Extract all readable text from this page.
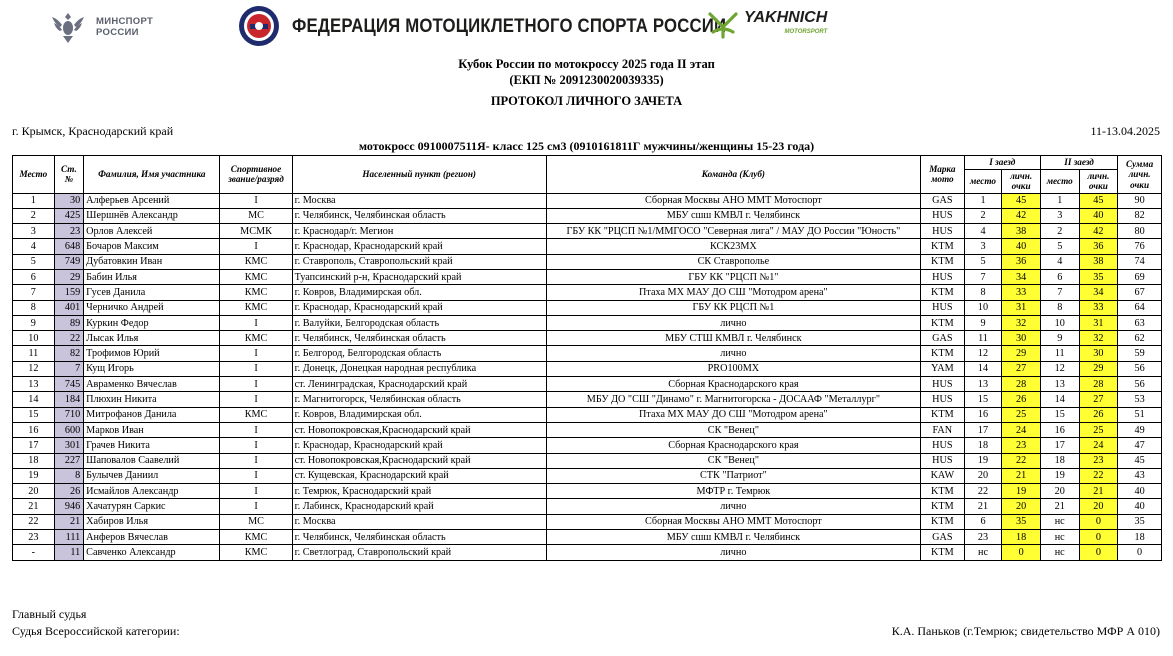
МИНСПОРТ
РОССИИ	ФЕДЕРАЦИЯ МОТОЦИКЛЕТНОГО СПОРТА РОССИИ YAKHNICH
MOTORSPORT
Кубок России по мотокроссу 2025 года II этап
(ЕКП № 2091230020039335)
ПРОТОКОЛ ЛИЧНОГО ЗАЧЕТА
г. Крымск, Краснодарский край	11-13.04.2025
мотокросс 0910007511Я- класс 125 см3 (0910161811Г мужчины/женщины 15-23 года)
Место	Ст. №	Фамилия, Имя участника	Спортивное звание/разряд	Населенный пункт (регион)	Команда (Клуб)	Марка мото	I заезд		II заезд		Сумма личн. очки
							место	личн. очки	место	личн. очки	
1	30	Алферьев Арсений	I	г. Москва	Сборная Москвы АНО ММТ Мотоспорт	GAS	1	45	1	45	90
2	425	Шершнёв Александр	МС	г. Челябинск, Челябинская область	МБУ сшш КМВЛ г. Челябинск	HUS	2	42	3	40	82
3	23	Орлов Алексей	МСМК	г. Краснодар/г. Мегион	ГБУ КК "РЦСП №1/ММГОСО "Северная лига" / МАУ ДО России "Юность"	HUS	4	38	2	42	80
4	648	Бочаров Максим	I	г. Краснодар, Краснодарский край	КСК23МХ	KTM	3	40	5	36	76
5	749	Дубатовкин Иван	КМС	г. Ставрополь, Ставропольский край	СК Ставрополье	KTM	5	36	4	38	74
6	29	Бабин Илья	КМС	Туапсинский р-н, Краснодарский край	ГБУ КК "РЦСП №1"	HUS	7	34	6	35	69
7	159	Гусев Данила	КМС	г. Ковров, Владимирская обл.	Птаха МХ МАУ ДО СШ "Мотодром арена"	KTM	8	33	7	34	67
8	401	Черничко Андрей	КМС	г. Краснодар, Краснодарский край	ГБУ КК РЦСП №1	HUS	10	31	8	33	64
9	89	Куркин Федор	I	г. Валуйки, Белгородская область	лично	KTM	9	32	10	31	63
10	22	Лысак Илья	КМС	г. Челябинск, Челябинская область	МБУ СТШ КМВЛ г. Челябинск	GAS	11	30	9	32	62
11	82	Трофимов Юрий	I	г. Белгород, Белгородская область	лично	KTM	12	29	11	30	59
12	7	Кущ Игорь	I	г. Донецк, Донецкая народная республика	PRO100MX	YAM	14	27	12	29	56
13	745	Авраменко Вячеслав	I	ст. Ленинградская, Краснодарский край	Сборная Краснодарского края	HUS	13	28	13	28	56
14	184	Плюхин Никита	I	г. Магнитогорск, Челябинская область	МБУ ДО "СШ "Динамо" г. Магнитогорска - ДОСААФ "Металлург"	HUS	15	26	14	27	53
15	710	Митрофанов Данила	КМС	г. Ковров, Владимирская обл.	Птаха МХ МАУ ДО СШ "Мотодром арена"	KTM	16	25	15	26	51
16	600	Марков Иван	I	ст. Новопокровская,Краснодарский край	СК "Венец"	FAN	17	24	16	25	49
17	301	Грачев Никита	I	г. Краснодар, Краснодарский край	Сборная Краснодарского края	HUS	18	23	17	24	47
18	227	Шаповалов Саавелий	I	ст. Новопокровская,Краснодарский край	СК "Венец"	HUS	19	22	18	23	45
19	8	Булычев Даниил	I	ст. Кущевская, Краснодарский край	СТК "Патриот"	KAW	20	21	19	22	43
20	26	Исмайлов Александр	I	г. Темрюк, Краснодарский край	МФТР г. Темрюк	KTM	22	19	20	21	40
21	946	Хачатурян Саркис	I	г. Лабинск, Краснодарский край	лично	KTM	21	20	21	20	40
22	21	Хабиров Илья	МС	г. Москва	Сборная Москвы АНО ММТ Мотоспорт	KTM	6	35	нс	0	35
23	111	Анферов Вячеслав	КМС	г. Челябинск, Челябинская область	МБУ сшш КМВЛ г. Челябинск	GAS	23	18	нс	0	18
-	11	Савченко Александр	КМС	г. Светлоград, Ставропольский край	лично	KTM	нс	0	нс	0	0
Главный судья
Судья Всероссийской категории:	К.А. Паньков (г.Темрюк; свидетельство МФР А 010)
